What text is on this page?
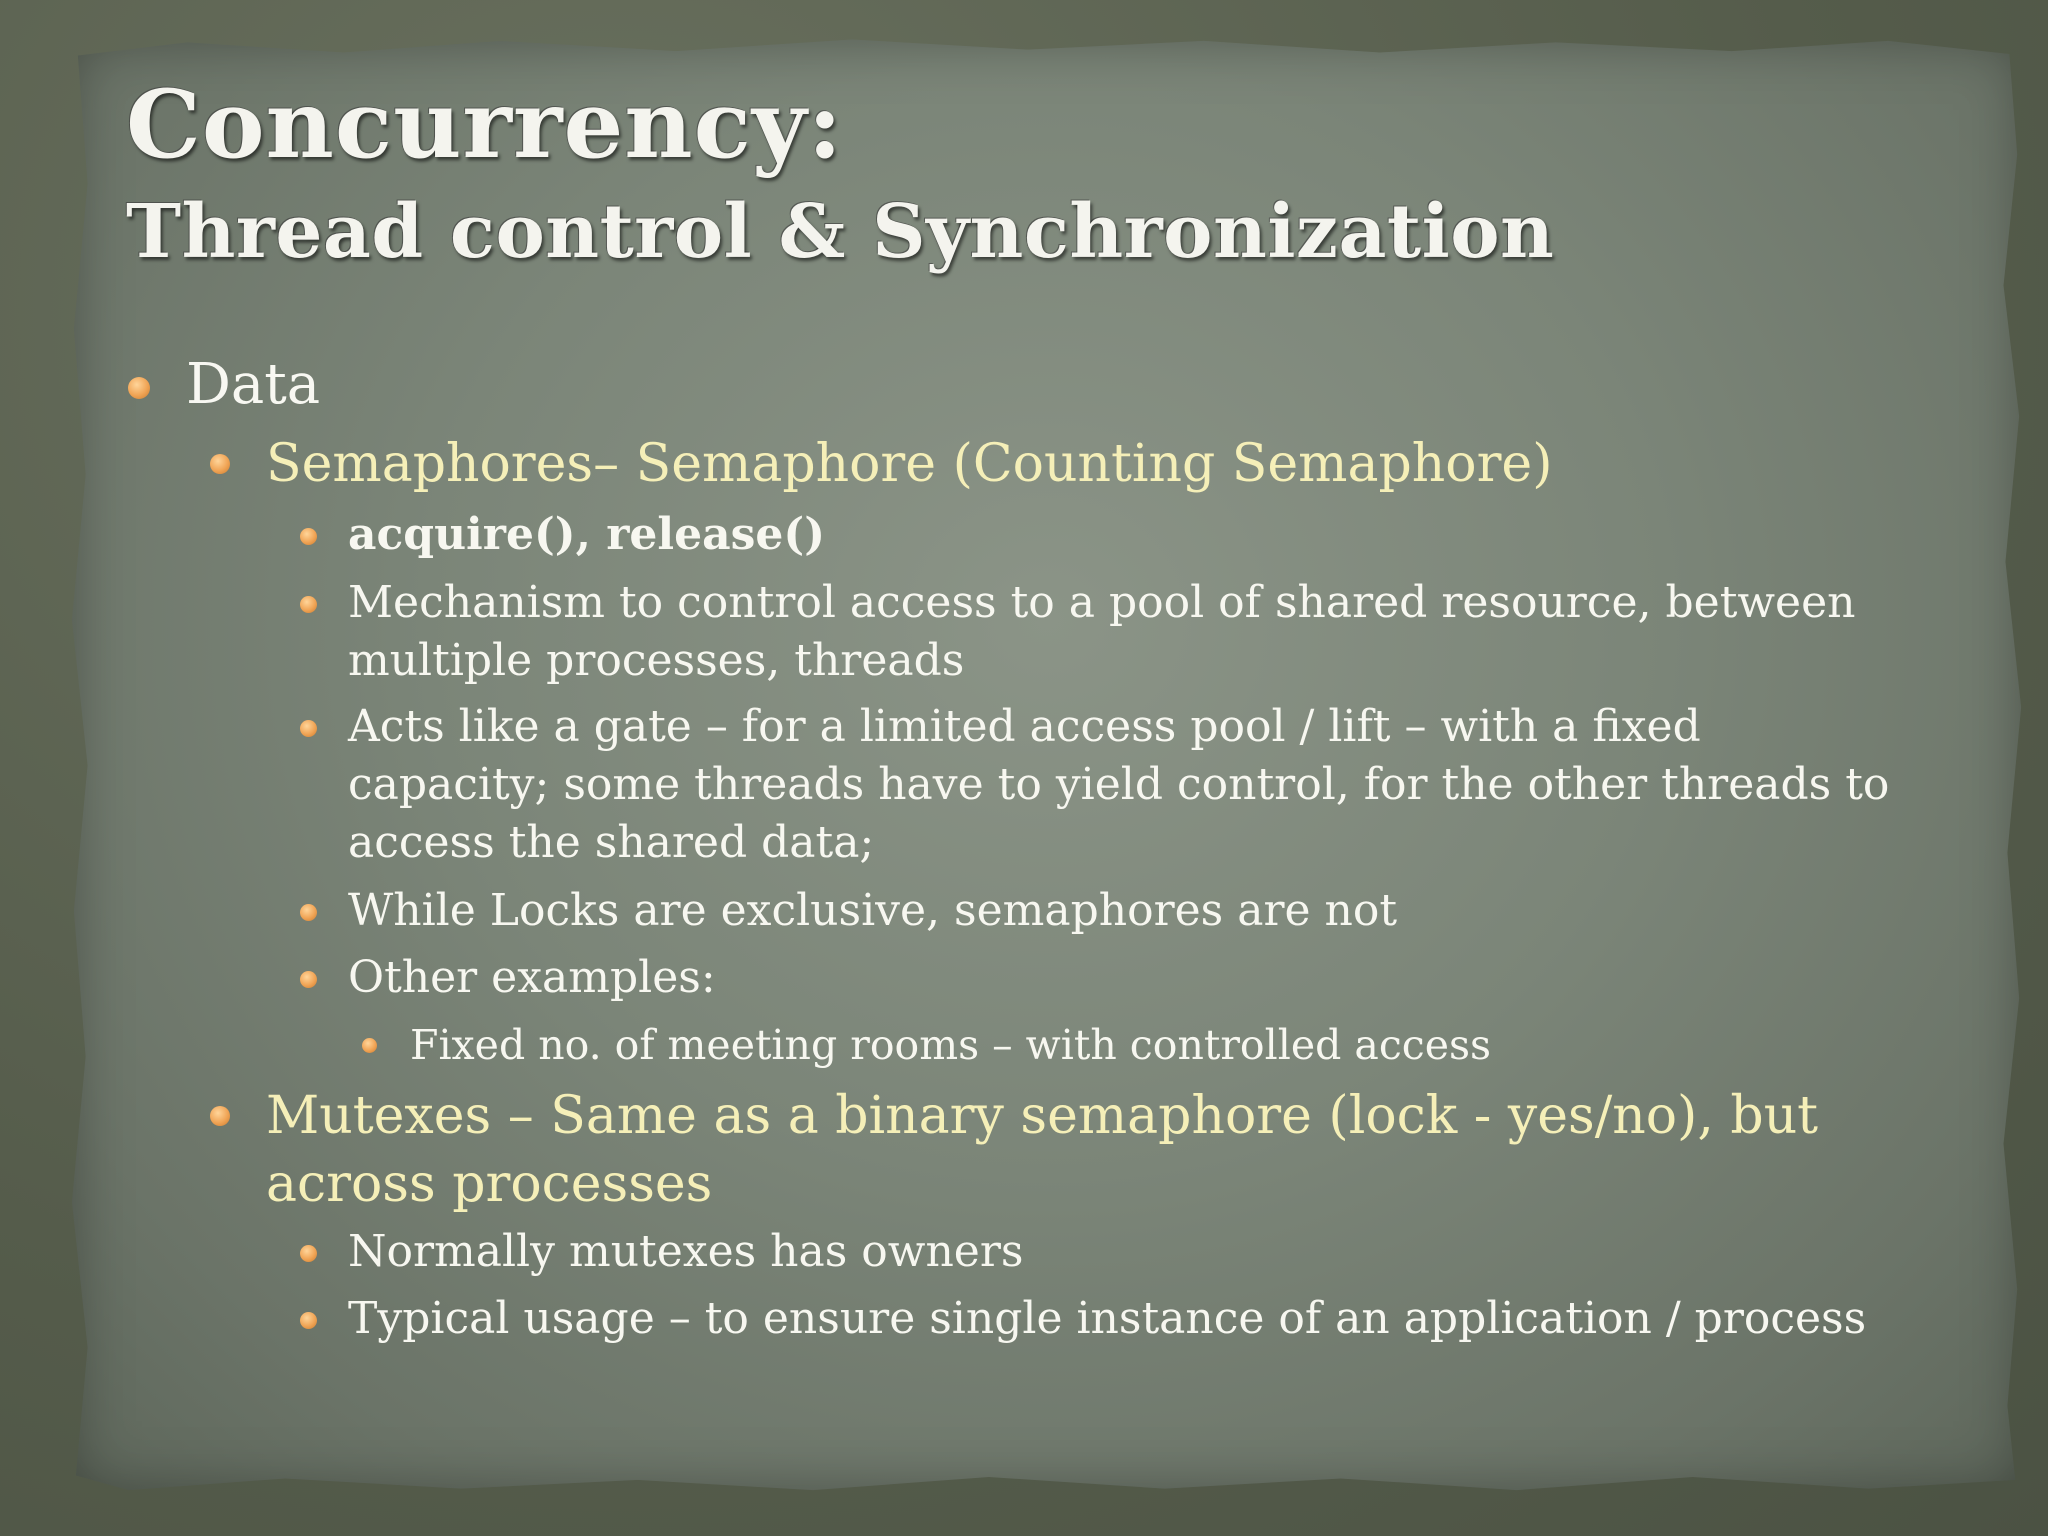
Concurrency:
Thread control & Synchronization
Data
Semaphores– Semaphore (Counting Semaphore)
acquire(), release()
Mechanism to control access to a pool of shared resource, between
multiple processes, threads
Acts like a gate – for a limited access pool / lift – with a fixed
capacity; some threads have to yield control, for the other threads to
access the shared data;
While Locks are exclusive, semaphores are not
Other examples:
Fixed no. of meeting rooms – with controlled access
Mutexes – Same as a binary semaphore (lock - yes/no), but
across processes
Normally mutexes has owners
Typical usage – to ensure single instance of an application / process
